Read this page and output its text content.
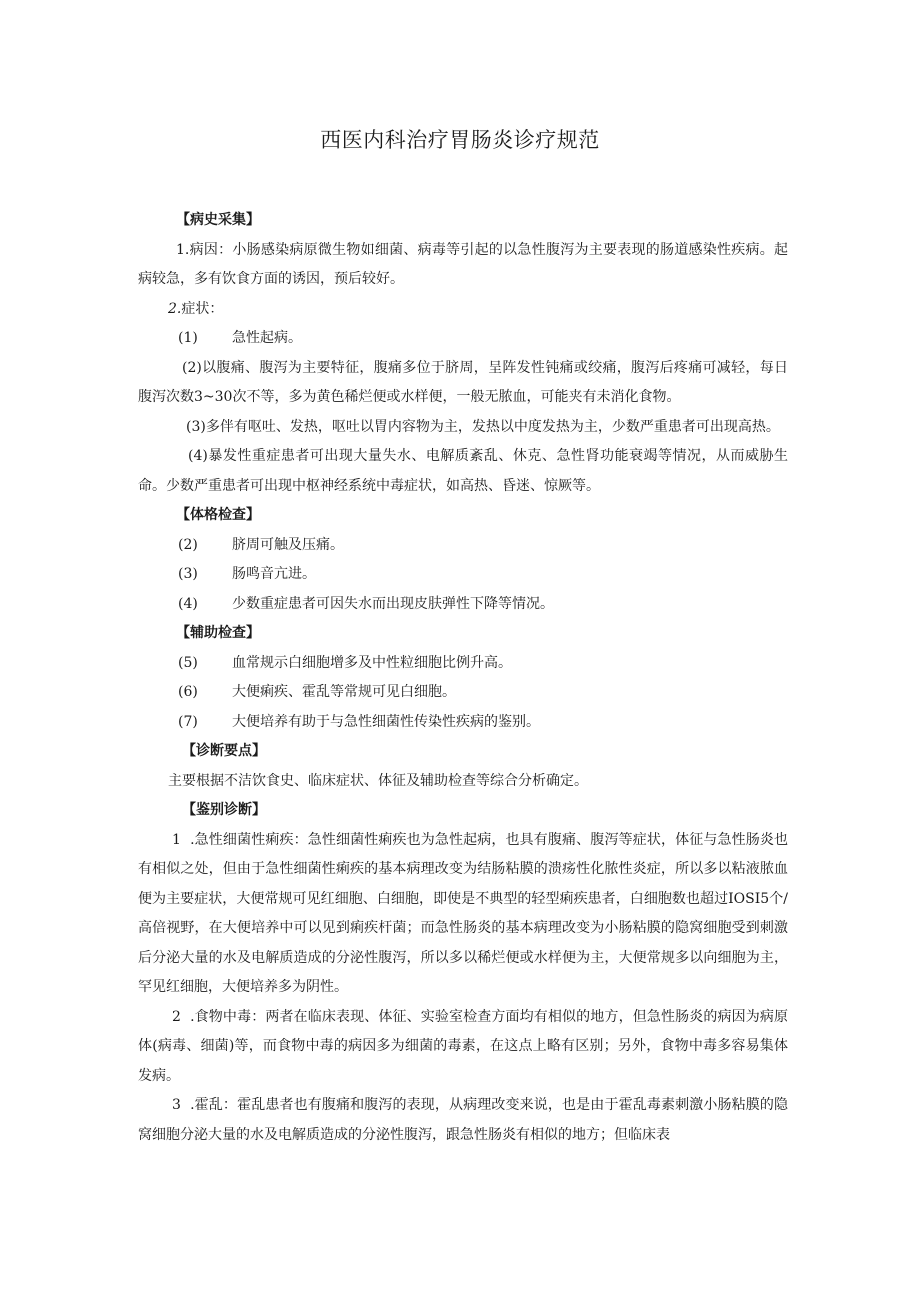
西医内科治疗胃肠炎诊疗规范
【病史采集】
1.病因：小肠感染病原微生物如细菌、病毒等引起的以急性腹泻为主要表现的肠道感染性疾病。起病较急，多有饮食方面的诱因，预后较好。
2.症状：
(1) 急性起病。
(2)以腹痛、腹泻为主要特征，腹痛多位于脐周，呈阵发性钝痛或绞痛，腹泻后疼痛可减轻，每日腹泻次数3~30次不等，多为黄色稀烂便或水样便，一般无脓血，可能夹有未消化食物。
(3)多伴有呕吐、发热，呕吐以胃内容物为主，发热以中度发热为主，少数严重患者可出现高热。
(4)暴发性重症患者可出现大量失水、电解质紊乱、休克、急性肾功能衰竭等情况，从而威胁生命。少数严重患者可出现中枢神经系统中毒症状，如高热、昏迷、惊厥等。
【体格检查】
(2) 脐周可触及压痛。
(3) 肠鸣音亢进。
(4) 少数重症患者可因失水而出现皮肤弹性下降等情况。
【辅助检查】
(5) 血常规示白细胞增多及中性粒细胞比例升高。
(6) 大便痢疾、霍乱等常规可见白细胞。
(7) 大便培养有助于与急性细菌性传染性疾病的鉴别。
【诊断要点】
主要根据不洁饮食史、临床症状、体征及辅助检查等综合分析确定。
【鉴别诊断】
1 .急性细菌性痢疾：急性细菌性痢疾也为急性起病，也具有腹痛、腹泻等症状，体征与急性肠炎也有相似之处，但由于急性细菌性痢疾的基本病理改变为结肠粘膜的溃疡性化脓性炎症，所以多以粘液脓血便为主要症状，大便常规可见红细胞、白细胞，即使是不典型的轻型痢疾患者，白细胞数也超过IOSI5个/高倍视野，在大便培养中可以见到痢疾杆菌；而急性肠炎的基本病理改变为小肠粘膜的隐窝细胞受到刺激后分泌大量的水及电解质造成的分泌性腹泻，所以多以稀烂便或水样便为主，大便常规多以向细胞为主，罕见红细胞，大便培养多为阴性。
2 .食物中毒：两者在临床表现、体征、实验室检查方面均有相似的地方，但急性肠炎的病因为病原体(病毒、细菌)等，而食物中毒的病因多为细菌的毒素，在这点上略有区别；另外，食物中毒多容易集体发病。
3 .霍乱：霍乱患者也有腹痛和腹泻的表现，从病理改变来说，也是由于霍乱毒素刺激小肠粘膜的隐窝细胞分泌大量的水及电解质造成的分泌性腹泻，跟急性肠炎有相似的地方；但临床表
